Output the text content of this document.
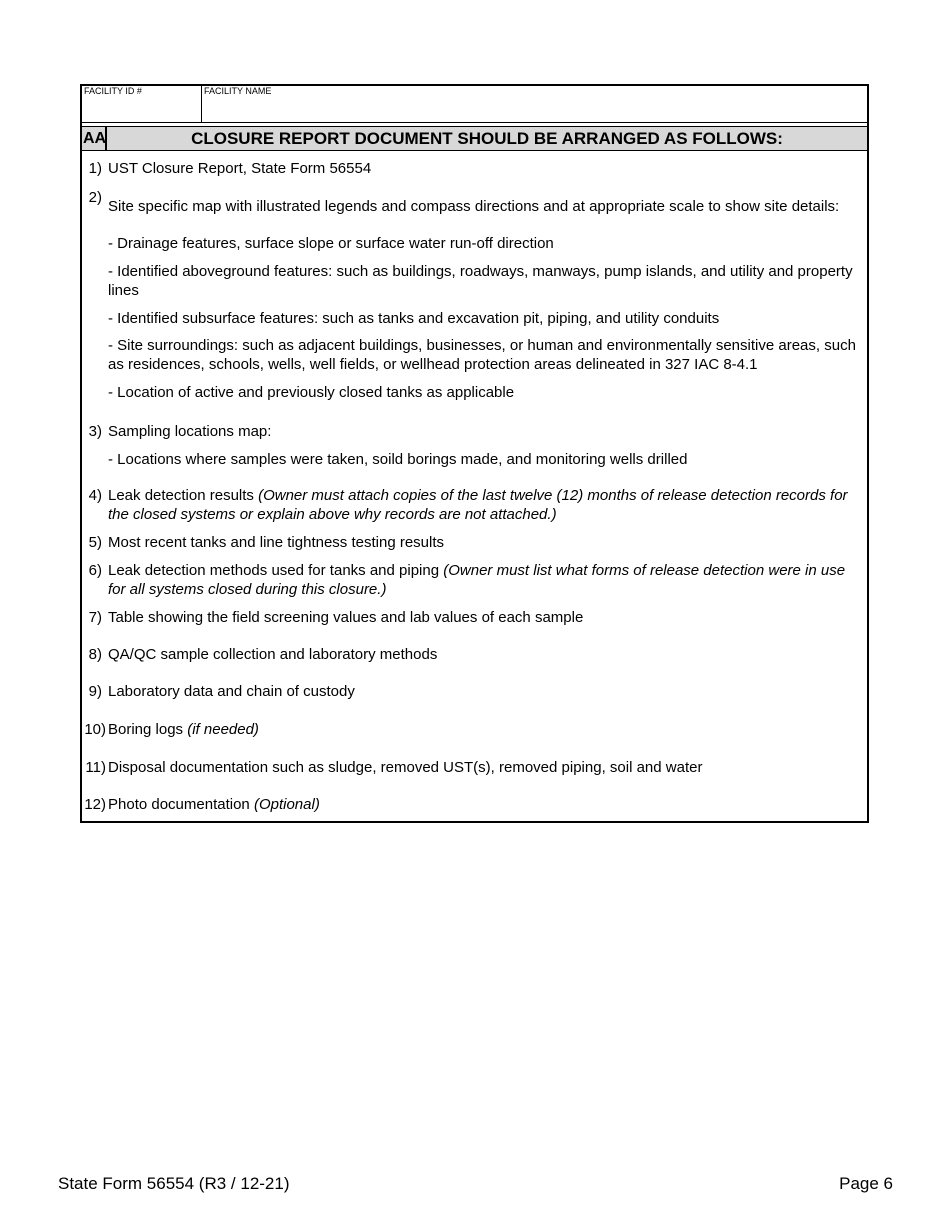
FACILITY ID #	FACILITY NAME
AA	CLOSURE REPORT DOCUMENT SHOULD BE ARRANGED AS FOLLOWS:
1) UST Closure Report, State Form 56554
2)
Site specific map with illustrated legends and compass directions and at appropriate scale to show site details:
- Drainage features, surface slope or surface water run-off direction
- Identified aboveground features: such as buildings, roadways, manways, pump islands, and utility and property lines
- Identified subsurface features: such as tanks and excavation pit, piping, and utility conduits
- Site surroundings: such as adjacent buildings, businesses, or human and environmentally sensitive areas, such as residences, schools, wells, well fields, or wellhead protection areas delineated in 327 IAC 8-4.1
- Location of active and previously closed tanks as applicable
3) Sampling locations map:
- Locations where samples were taken, soild borings made, and monitoring wells drilled
4) Leak detection results (Owner must attach copies of the last twelve (12) months of release detection records for the closed systems or explain above why records are not attached.)
5) Most recent tanks and line tightness testing results
6) Leak detection methods used for tanks and piping (Owner must list what forms of release detection were in use for all systems closed during this closure.)
7) Table showing the field screening values and lab values of each sample
8) QA/QC sample collection and laboratory methods
9) Laboratory data and chain of custody
10) Boring logs (if needed)
11) Disposal documentation such as sludge, removed UST(s), removed piping, soil and water
12) Photo documentation (Optional)
State Form 56554 (R3 / 12-21)	Page 6
